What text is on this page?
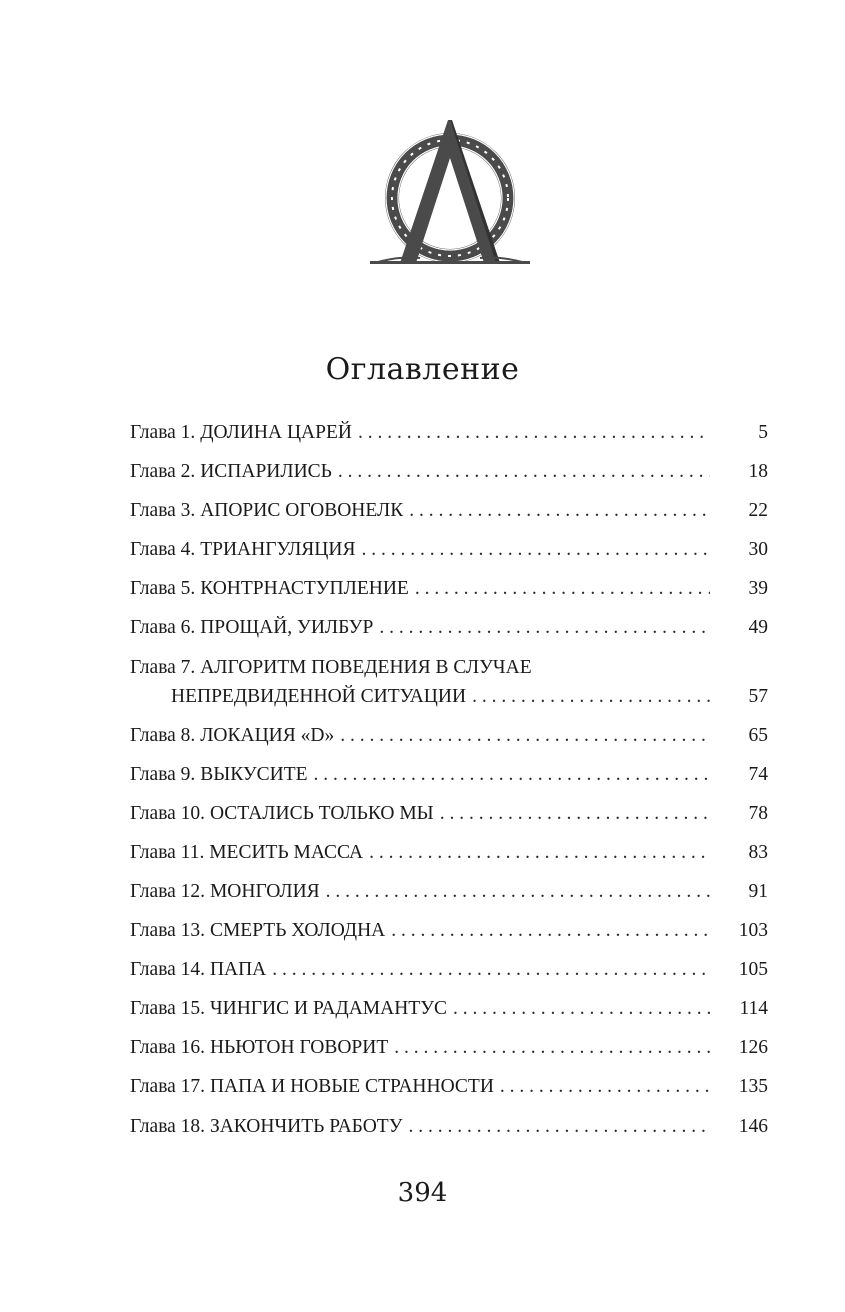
Оглавление
Глава 1. ДОЛИНА ЦАРЕЙ . . .	5
Глава 2. ИСПАРИЛИСЬ . . .	18
Глава 3. АПОРИС ОГОВОНЕЛК . . .	22
Глава 4. ТРИАНГУЛЯЦИЯ . . .	30
Глава 5. КОНТРНАСТУПЛЕНИЕ . . .	39
Глава 6. ПРОЩАЙ, УИЛБУР . . .	49
Глава 7. АЛГОРИТМ ПОВЕДЕНИЯ В СЛУЧАЕ
НЕПРЕДВИДЕННОЙ СИТУАЦИИ . . .	57
Глава 8. ЛОКАЦИЯ «D» . . .	65
Глава 9. ВЫКУСИТЕ . . .	74
Глава 10. ОСТАЛИСЬ ТОЛЬКО МЫ . . .	78
Глава 11. МЕСИТЬ МАССА . . .	83
Глава 12. МОНГОЛИЯ . . .	91
Глава 13. СМЕРТЬ ХОЛОДНА . . .	103
Глава 14. ПАПА . . .	105
Глава 15. ЧИНГИС И РАДАМАНТУС . . .	114
Глава 16. НЬЮТОН ГОВОРИТ . . .	126
Глава 17. ПАПА И НОВЫЕ СТРАННОСТИ . . .	135
Глава 18. ЗАКОНЧИТЬ РАБОТУ . . .	146
394
